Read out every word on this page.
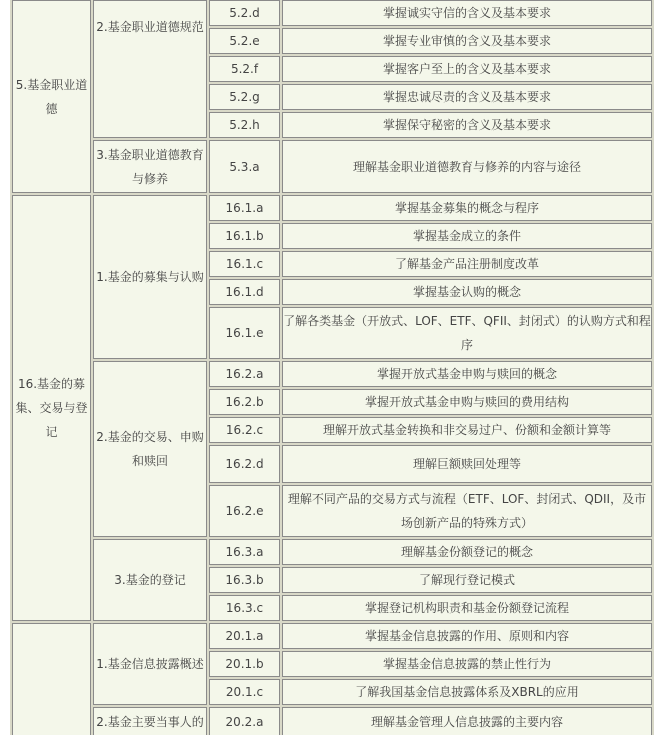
5.基金职业道德	2.基金职业道德规范	5.2.d	掌握诚实守信的含义及基本要求
		5.2.e	掌握专业审慎的含义及基本要求
		5.2.f	掌握客户至上的含义及基本要求
		5.2.g	掌握忠诚尽责的含义及基本要求
		5.2.h	掌握保守秘密的含义及基本要求
	3.基金职业道德教育与修养	5.3.a	理解基金职业道德教育与修养的内容与途径
16.基金的募集、交易与登记	1.基金的募集与认购	16.1.a	掌握基金募集的概念与程序
		16.1.b	掌握基金成立的条件
		16.1.c	了解基金产品注册制度改革
		16.1.d	掌握基金认购的概念
		16.1.e	了解各类基金（开放式、LOF、ETF、QFII、封闭式）的认购方式和程序
	2.基金的交易、申购和赎回	16.2.a	掌握开放式基金申购与赎回的概念
		16.2.b	掌握开放式基金申购与赎回的费用结构
		16.2.c	理解开放式基金转换和非交易过户、份额和金额计算等
		16.2.d	理解巨额赎回处理等
		16.2.e	理解不同产品的交易方式与流程（ETF、LOF、封闭式、QDII，及市场创新产品的特殊方式）
	3.基金的登记	16.3.a	理解基金份额登记的概念
		16.3.b	了解现行登记模式
		16.3.c	掌握登记机构职责和基金份额登记流程
	1.基金信息披露概述	20.1.a	掌握基金信息披露的作用、原则和内容
		20.1.b	掌握基金信息披露的禁止性行为
		20.1.c	了解我国基金信息披露体系及XBRL的应用
	2.基金主要当事人的	20.2.a	理解基金管理人信息披露的主要内容
